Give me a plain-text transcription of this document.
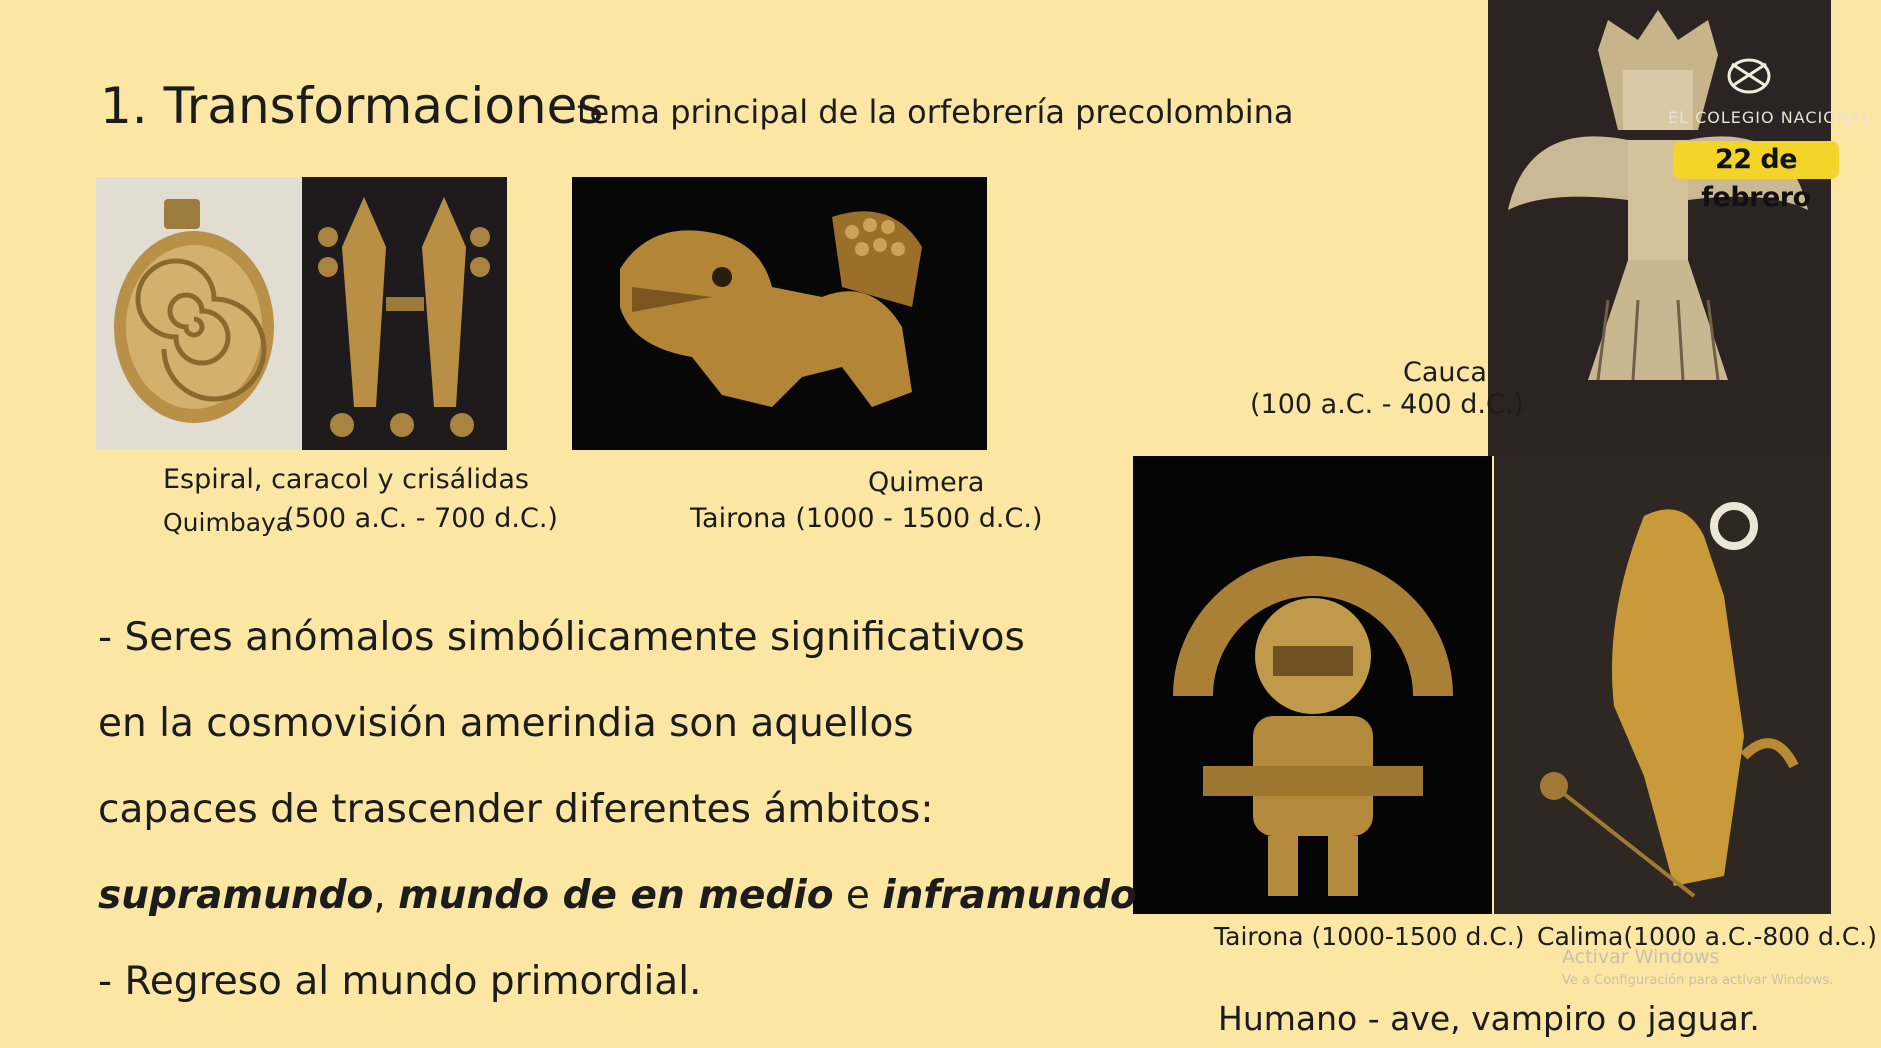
1. Transformaciones
tema principal de la orfebrería precolombina
Espiral, caracol y crisálidas
Quimbaya
(500 a.C. - 700 d.C.)
Quimera
Tairona (1000 - 1500 d.C.)
EL COLEGIO NACIONAL
22 de febrero
Cauca
(100 a.C. - 400 d.C.)
Tairona (1000-1500 d.C.) Calima(1000 a.C.-800 d.C.)
- Seres anómalos simbólicamente significativos
en la cosmovisión amerindia son aquellos
capaces de trascender diferentes ámbitos:
supramundo, mundo de en medio e inframundo
- Regreso al mundo primordial.
Humano - ave, vampiro o jaguar.
Activar Windows
Ve a Configuración para activar Windows.
